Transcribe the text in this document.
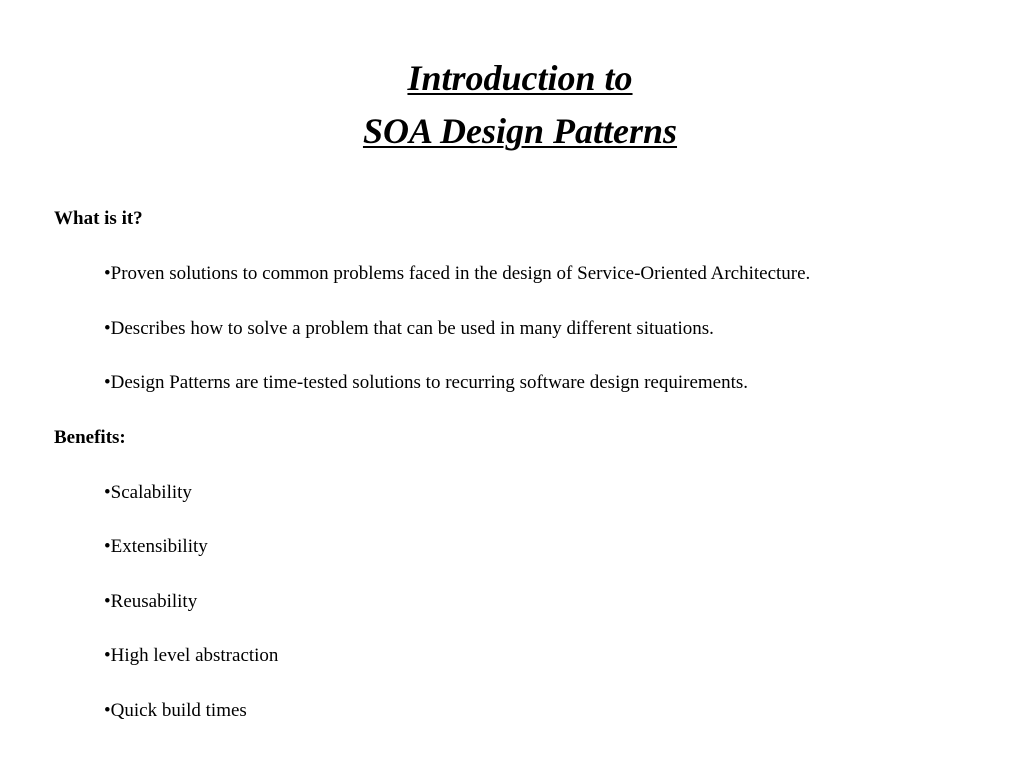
Introduction to
SOA Design Patterns
What is it?
•Proven solutions to common problems faced in the design of Service-Oriented Architecture.
•Describes how to solve a problem that can be used in many different situations.
•Design Patterns are time-tested solutions to recurring software design requirements.
Benefits:
•Scalability
•Extensibility
•Reusability
•High level abstraction
•Quick build times
